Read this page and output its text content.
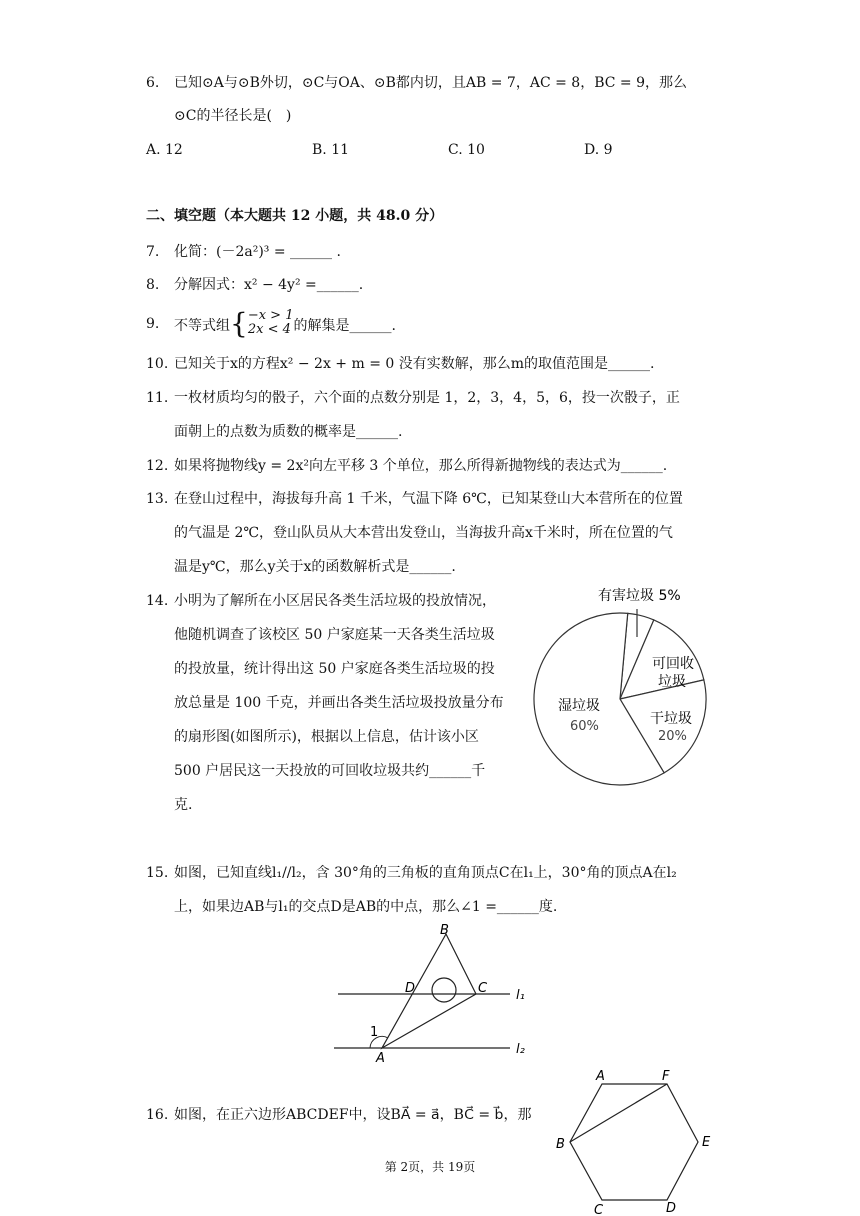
6. 已知⊙A与⊙B外切，⊙C与OA、⊙B都内切，且AB = 7，AC = 8，BC = 9，那么
⊙C的半径长是(　)
A. 12	B. 11	C. 10	D. 9
二、填空题（本大题共 12 小题，共 48.0 分）
7. 化简：(－2a²)³ = ______ .
8. 分解因式：x² − 4y² =______.
9. 不等式组 { −x > 1
2x < 4 的解集是______.
10. 已知关于x的方程x² − 2x + m = 0 没有实数解，那么m的取值范围是______.
11. 一枚材质均匀的骰子，六个面的点数分别是 1，2，3，4，5，6，投一次骰子，正
面朝上的点数为质数的概率是______.
12. 如果将抛物线y = 2x²向左平移 3 个单位，那么所得新抛物线的表达式为______.
13. 在登山过程中，海拔每升高 1 千米，气温下降 6℃，已知某登山大本营所在的位置
的气温是 2℃，登山队员从大本营出发登山，当海拔升高x千米时，所在位置的气
温是y℃，那么y关于x的函数解析式是______.
14. 小明为了解所在小区居民各类生活垃圾的投放情况，
他随机调查了该校区 50 户家庭某一天各类生活垃圾
的投放量，统计得出这 50 户家庭各类生活垃圾的投
放总量是 100 千克，并画出各类生活垃圾投放量分布
的扇形图(如图所示)，根据以上信息，估计该小区
500 户居民这一天投放的可回收垃圾共约______千
克.
有害垃圾 5%
可回收
垃圾
干垃圾
20%
湿垃圾
60%
15. 如图，已知直线l₁//l₂，含 30°角的三角板的直角顶点C在l₁上，30°角的顶点A在l₂
上，如果边AB与l₁的交点D是AB的中点，那么∠1 =______度.
B
D	C
A
1
l₁
l₂
16. 如图，在正六边形ABCDEF中，设BA⃗ = a⃗，BC⃗ = b⃗，那
A	F
B	E
C	D
第 2页，共 19页
